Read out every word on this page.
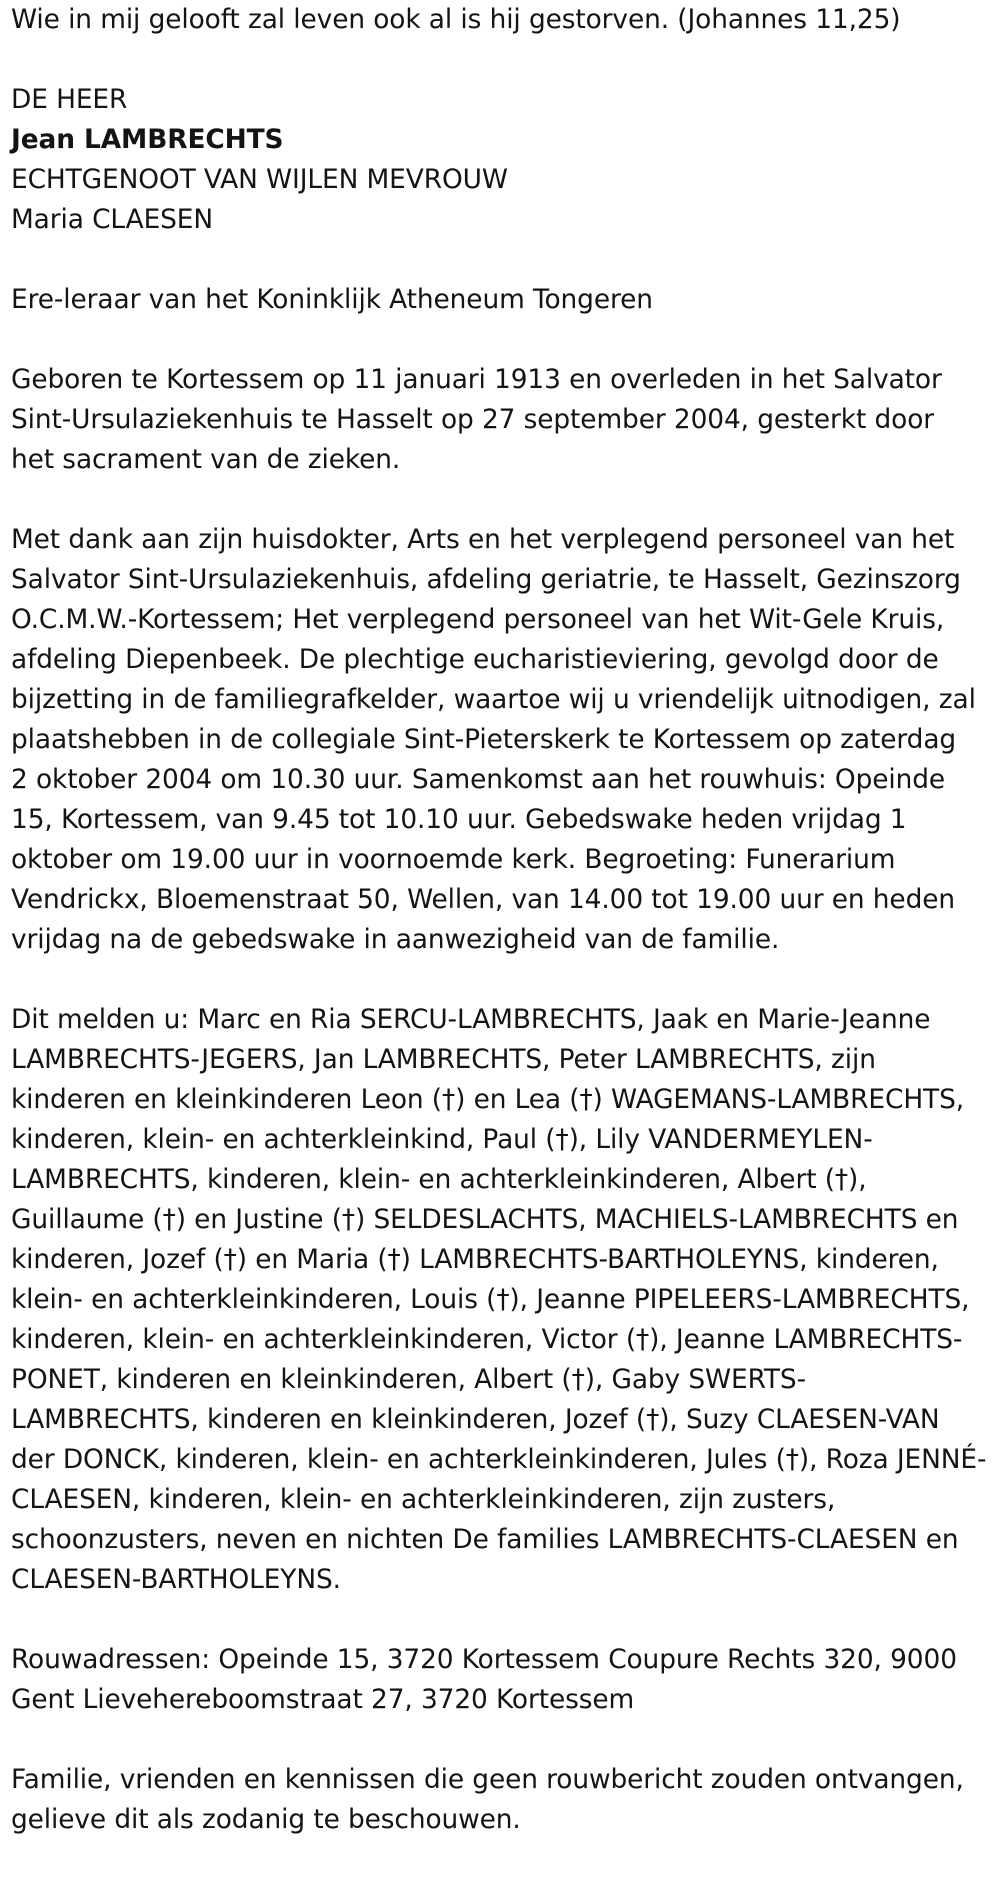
Wie in mij gelooft zal leven ook al is hij gestorven. (Johannes 11,25)
DE HEER
Jean LAMBRECHTS
ECHTGENOOT VAN WIJLEN MEVROUW
Maria CLAESEN
Ere-leraar van het Koninklijk Atheneum Tongeren
Geboren te Kortessem op 11 januari 1913 en overleden in het Salvator
Sint-Ursulaziekenhuis te Hasselt op 27 september 2004, gesterkt door
het sacrament van de zieken.
Met dank aan zijn huisdokter, Arts en het verplegend personeel van het
Salvator Sint-Ursulaziekenhuis, afdeling geriatrie, te Hasselt, Gezinszorg
O.C.M.W.-Kortessem; Het verplegend personeel van het Wit-Gele Kruis,
afdeling Diepenbeek. De plechtige eucharistieviering, gevolgd door de
bijzetting in de familiegrafkelder, waartoe wij u vriendelijk uitnodigen, zal
plaatshebben in de collegiale Sint-Pieterskerk te Kortessem op zaterdag
2 oktober 2004 om 10.30 uur. Samenkomst aan het rouwhuis: Opeinde
15, Kortessem, van 9.45 tot 10.10 uur. Gebedswake heden vrijdag 1
oktober om 19.00 uur in voornoemde kerk. Begroeting: Funerarium
Vendrickx, Bloemenstraat 50, Wellen, van 14.00 tot 19.00 uur en heden
vrijdag na de gebedswake in aanwezigheid van de familie.
Dit melden u: Marc en Ria SERCU-LAMBRECHTS, Jaak en Marie-Jeanne
LAMBRECHTS-JEGERS, Jan LAMBRECHTS, Peter LAMBRECHTS, zijn
kinderen en kleinkinderen Leon (†) en Lea (†) WAGEMANS-LAMBRECHTS,
kinderen, klein- en achterkleinkind, Paul (†), Lily VANDERMEYLEN-
LAMBRECHTS, kinderen, klein- en achterkleinkinderen, Albert (†),
Guillaume (†) en Justine (†) SELDESLACHTS, MACHIELS-LAMBRECHTS en
kinderen, Jozef (†) en Maria (†) LAMBRECHTS-BARTHOLEYNS, kinderen,
klein- en achterkleinkinderen, Louis (†), Jeanne PIPELEERS-LAMBRECHTS,
kinderen, klein- en achterkleinkinderen, Victor (†), Jeanne LAMBRECHTS-
PONET, kinderen en kleinkinderen, Albert (†), Gaby SWERTS-
LAMBRECHTS, kinderen en kleinkinderen, Jozef (†), Suzy CLAESEN-VAN
der DONCK, kinderen, klein- en achterkleinkinderen, Jules (†), Roza JENNÉ-
CLAESEN, kinderen, klein- en achterkleinkinderen, zijn zusters,
schoonzusters, neven en nichten De families LAMBRECHTS-CLAESEN en
CLAESEN-BARTHOLEYNS.
Rouwadressen: Opeinde 15, 3720 Kortessem Coupure Rechts 320, 9000
Gent Lievehereboomstraat 27, 3720 Kortessem
Familie, vrienden en kennissen die geen rouwbericht zouden ontvangen,
gelieve dit als zodanig te beschouwen.
